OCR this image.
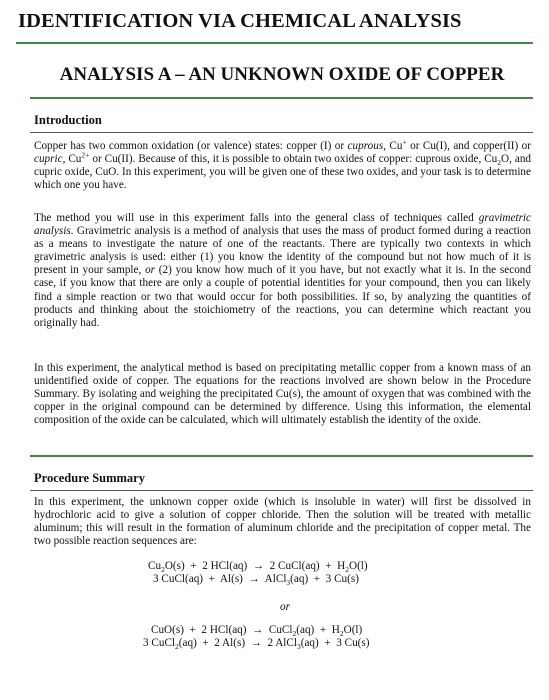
IDENTIFICATION VIA CHEMICAL ANALYSIS
ANALYSIS A – AN UNKNOWN OXIDE OF COPPER
Introduction

Copper has two common oxidation (or valence) states: copper (I) or cuprous, Cu+ or Cu(I), and copper(II) or cupric, $Cu^{2+}$ or Cu(II). Because of this, it is possible to obtain two oxides of copper: cuprous oxide, $Cu_2O$, and cupric oxide, CuO. In this experiment, you will be given one of these two oxides, and your task is to determine which one you have.

The method you will use in this experiment falls into the general class of techniques called gravimetric analysis. Gravimetric analysis is a method of analysis that uses the mass of product formed during a reaction as a means to investigate the nature of one of the reactants. There are typically two contexts in which gravimetric analysis is used: either (1) you know the identity of the compound but not how much of it is present in your sample, or (2) you know how much of it you have, but not exactly what it is. In the second case, if you know that there are only a couple of potential identities for your compound, then you can likely find a simple reaction or two that would occur for both possibilities. If so, by analyzing the quantities of products and thinking about the stoichiometry of the reactions, you can determine which reactant you originally had.

In this experiment, the analytical method is based on precipitating metallic copper from a known mass of an unidentified oxide of copper. The equations for the reactions involved are shown below in the Procedure Summary. By isolating and weighing the precipitated Cu(s), the amount of oxygen that was combined with the copper in the original compound can be determined by difference. Using this information, the elemental composition of the oxide can be calculated, which will ultimately establish the identity of the oxide.

Procedure Summary

In this experiment, the unknown copper oxide (which is insoluble in water) will first be dissolved in hydrochloric acid to give a solution of copper chloride. Then the solution will be treated with metallic aluminum; this will result in the formation of aluminum chloride and the precipitation of copper metal. The two possible reaction sequences are:

$Cu_2O(s) + 2$ HCl(aq)  →  2 CuCl(aq)  +  $H_2O(l)$
3 CuCl(aq)  +  Al(s)  →  AlCl$_3$(aq)  +  3 Cu(s)
or
CuO(s)  +  2 HCl(aq)  →  CuCl$_2$(aq)  +  $H_2O(l)$
3 CuCl$_2$(aq)  +  2 Al(s)  →  2 AlCl$_3$(aq)  +  3 Cu(s)
